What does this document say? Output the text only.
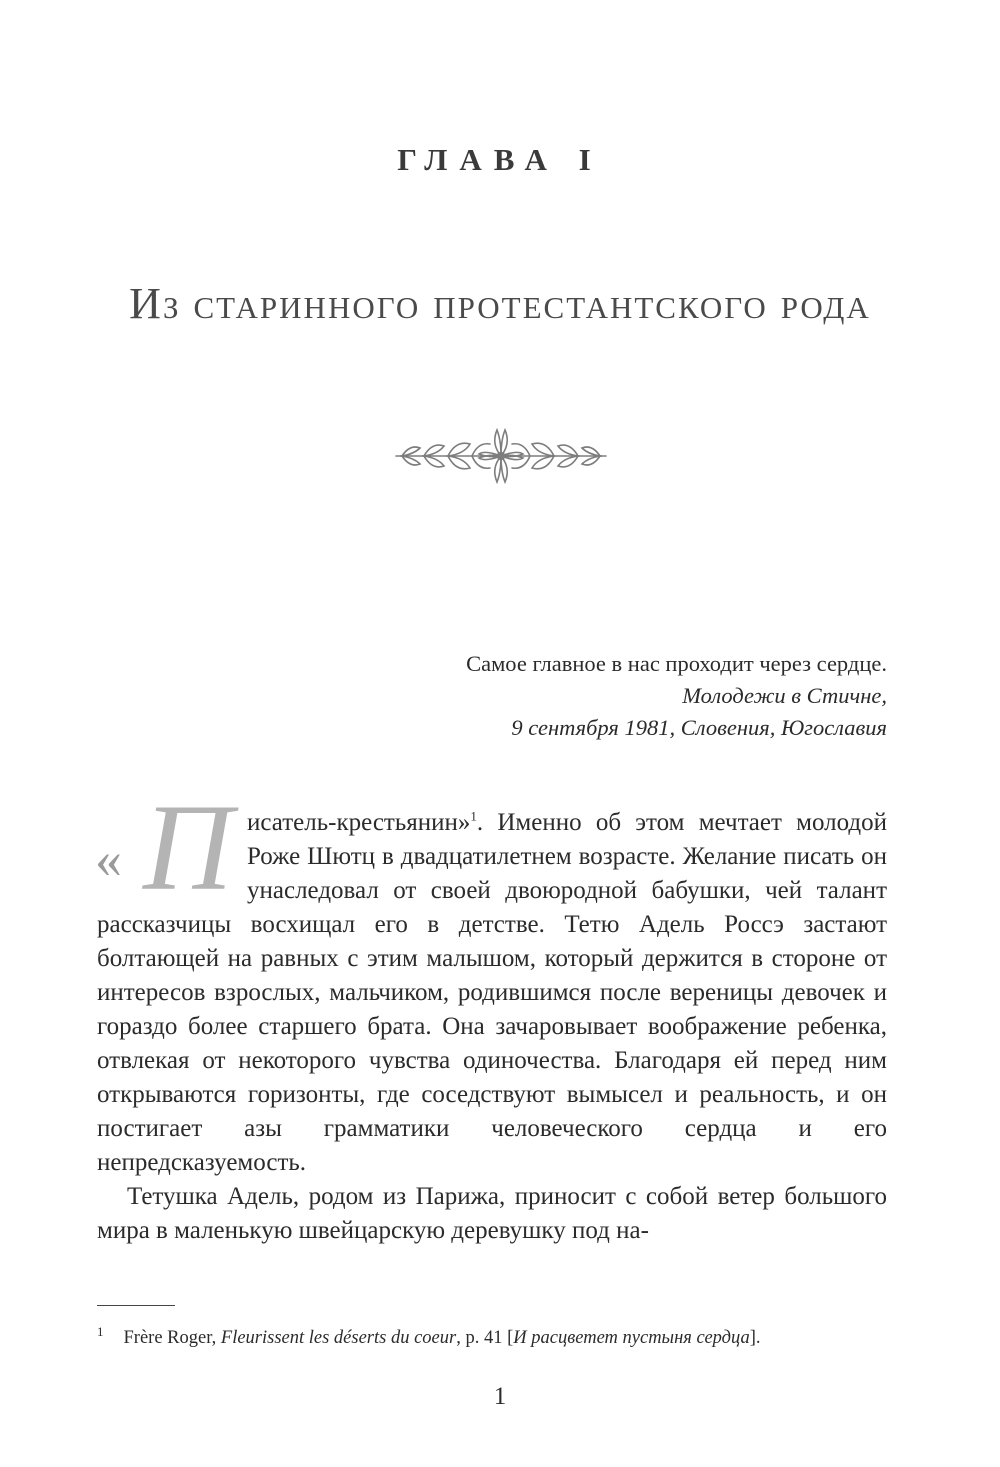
ГЛАВА I
Из старинного протестантского рода
Самое главное в нас проходит через сердце.
Молодежи в Стичне,
9 сентября 1981, Словения, Югославия

« П исатель-крестьянин»$^1$. Именно об этом мечтает молодой Роже Шютц в двадцатилетнем возрасте. Желание писать он унаследовал от своей двоюродной бабушки, чей талант рассказчицы восхищал его в детстве. Тетю Адель Россэ застают болтающей на равных с этим малышом, который держится в стороне от интересов взрослых, мальчиком, родившимся после вереницы девочек и гораздо более старшего брата. Она зачаровывает воображение ребенка, отвлекая от некоторого чувства одиночества. Благодаря ей перед ним открываются горизонты, где соседствуют вымысел и реальность, и он постигает азы грамматики человеческого сердца и его непредсказуемость.

Тетушка Адель, родом из Парижа, приносит с собой ветер большого мира в маленькую швейцарскую деревушку под на-

$^1$ Frère Roger, Fleurissent les déserts du coeur, p. 41 [И расцветет пустыня сердца].
1
